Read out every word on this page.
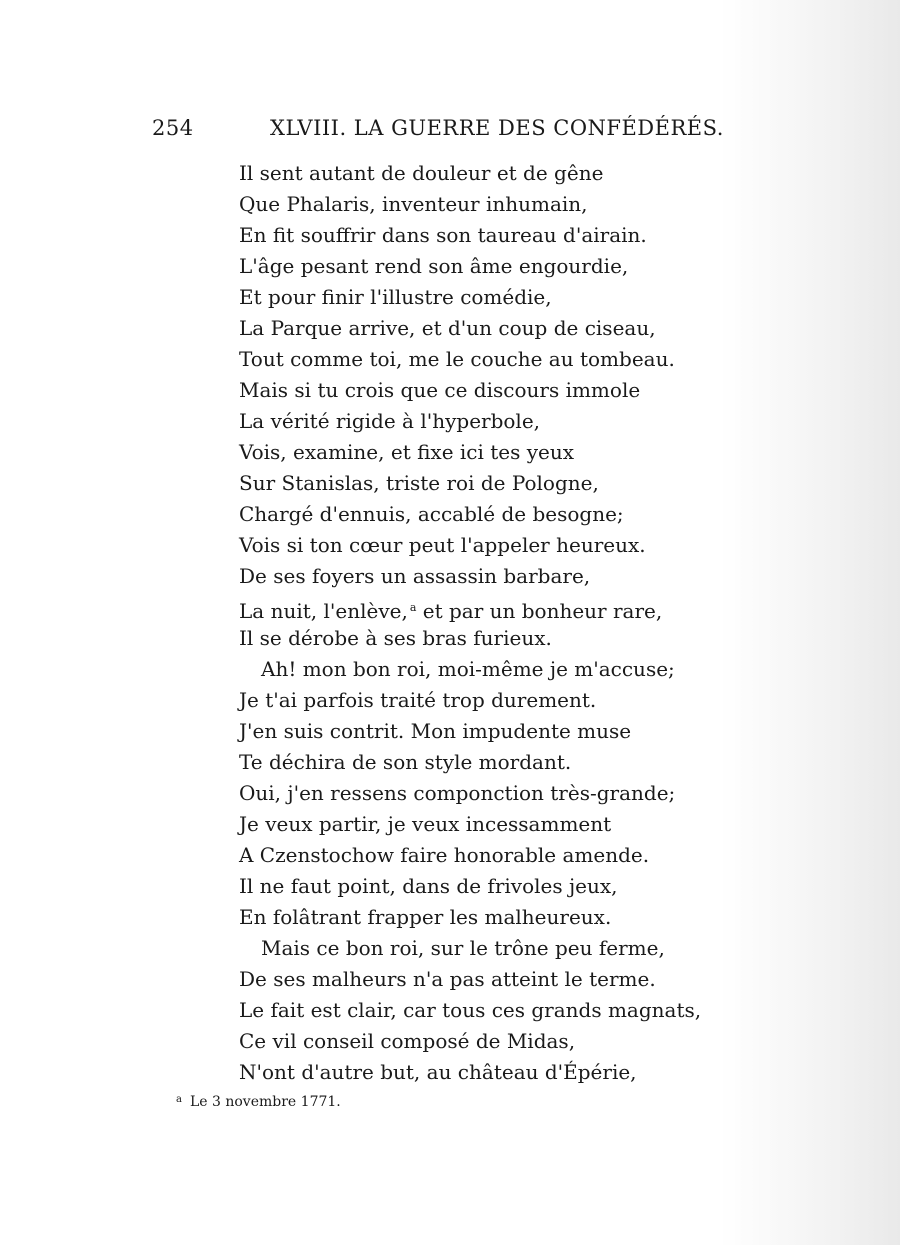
254	XLVIII. LA GUERRE DES CONFÉDÉRÉS.
Il sent autant de douleur et de gêne
Que Phalaris, inventeur inhumain,
En fit souffrir dans son taureau d'airain.
L'âge pesant rend son âme engourdie,
Et pour finir l'illustre comédie,
La Parque arrive, et d'un coup de ciseau,
Tout comme toi, me le couche au tombeau.
Mais si tu crois que ce discours immole
La vérité rigide à l'hyperbole,
Vois, examine, et fixe ici tes yeux
Sur Stanislas, triste roi de Pologne,
Chargé d'ennuis, accablé de besogne;
Vois si ton cœur peut l'appeler heureux.
De ses foyers un assassin barbare,
La nuit, l'enlève, $^a$ et par un bonheur rare,
Il se dérobe à ses bras furieux.
Ah! mon bon roi, moi-même je m'accuse;
Je t'ai parfois traité trop durement.
J'en suis contrit. Mon impudente muse
Te déchira de son style mordant.
Oui, j'en ressens componction très-grande;
Je veux partir, je veux incessamment
A Czenstochow faire honorable amende.
Il ne faut point, dans de frivoles jeux,
En folâtrant frapper les malheureux.
Mais ce bon roi, sur le trône peu ferme,
De ses malheurs n'a pas atteint le terme.
Le fait est clair, car tous ces grands magnats,
Ce vil conseil composé de Midas,
N'ont d'autre but, au château d'Épérie,
$^a$ Le 3 novembre 1771.
